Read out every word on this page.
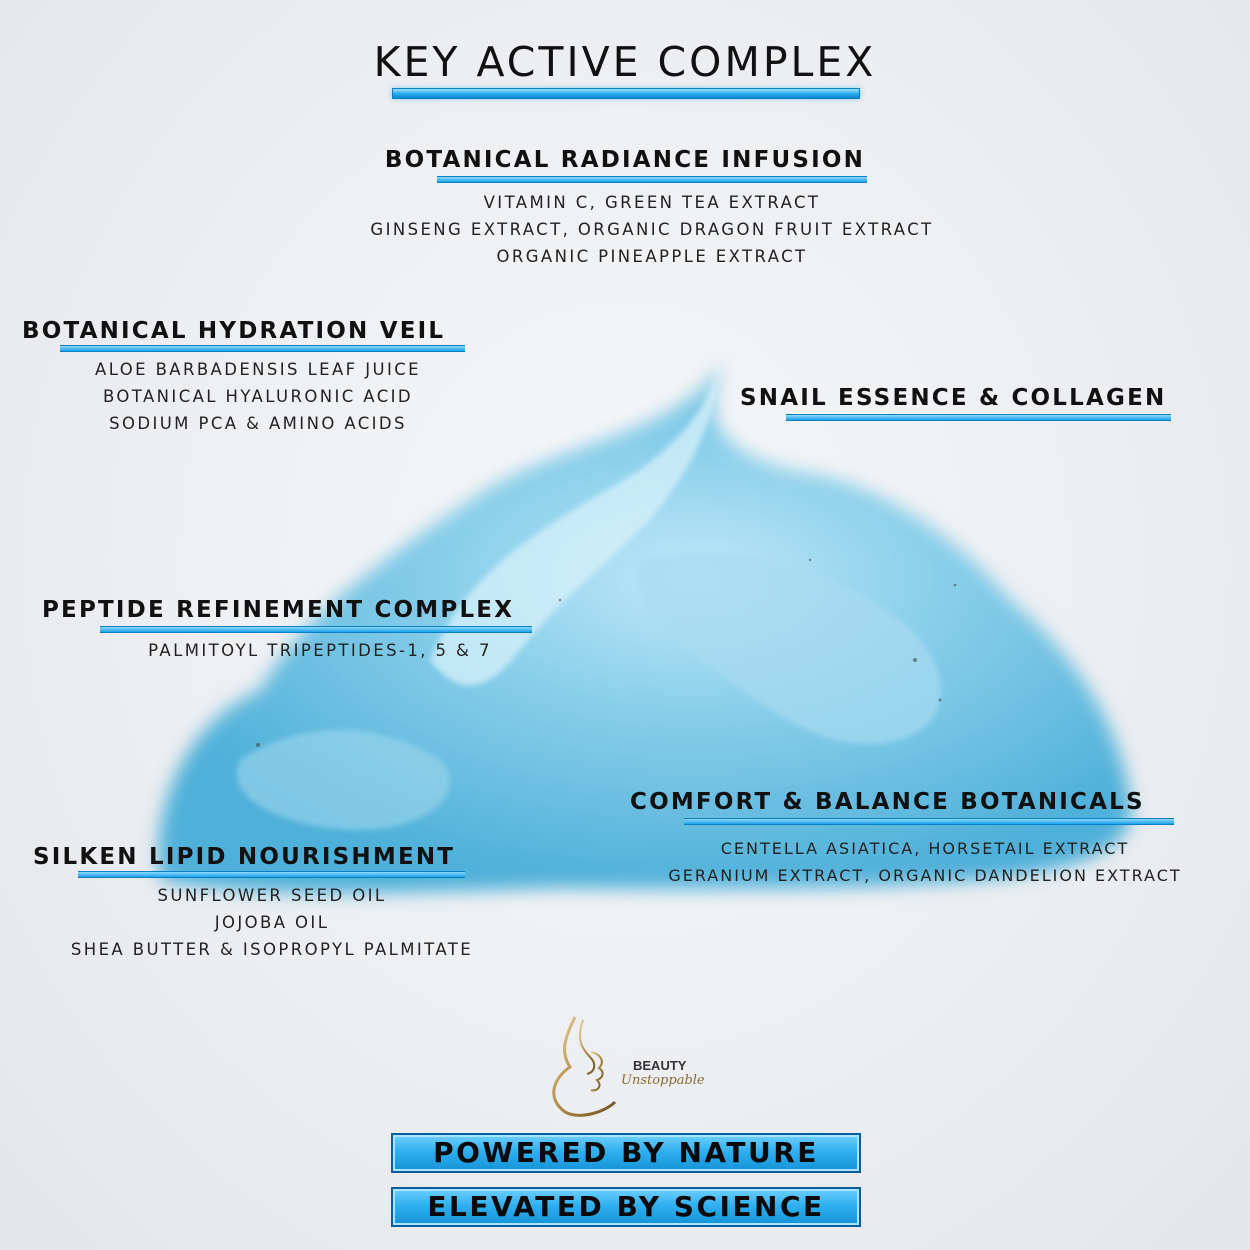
KEY ACTIVE COMPLEX
BOTANICAL RADIANCE INFUSION
VITAMIN C, GREEN TEA EXTRACT
GINSENG EXTRACT, ORGANIC DRAGON FRUIT EXTRACT
ORGANIC PINEAPPLE EXTRACT
BOTANICAL HYDRATION VEIL
ALOE BARBADENSIS LEAF JUICE
BOTANICAL HYALURONIC ACID
SODIUM PCA & AMINO ACIDS
SNAIL ESSENCE & COLLAGEN
PEPTIDE REFINEMENT COMPLEX
PALMITOYL TRIPEPTIDES-1, 5 & 7
COMFORT & BALANCE BOTANICALS
CENTELLA ASIATICA, HORSETAIL EXTRACT
GERANIUM EXTRACT, ORGANIC DANDELION EXTRACT
SILKEN LIPID NOURISHMENT
SUNFLOWER SEED OIL
JOJOBA OIL
SHEA BUTTER & ISOPROPYL PALMITATE
BEAUTY
Unstoppable
POWERED BY NATURE
ELEVATED BY SCIENCE
